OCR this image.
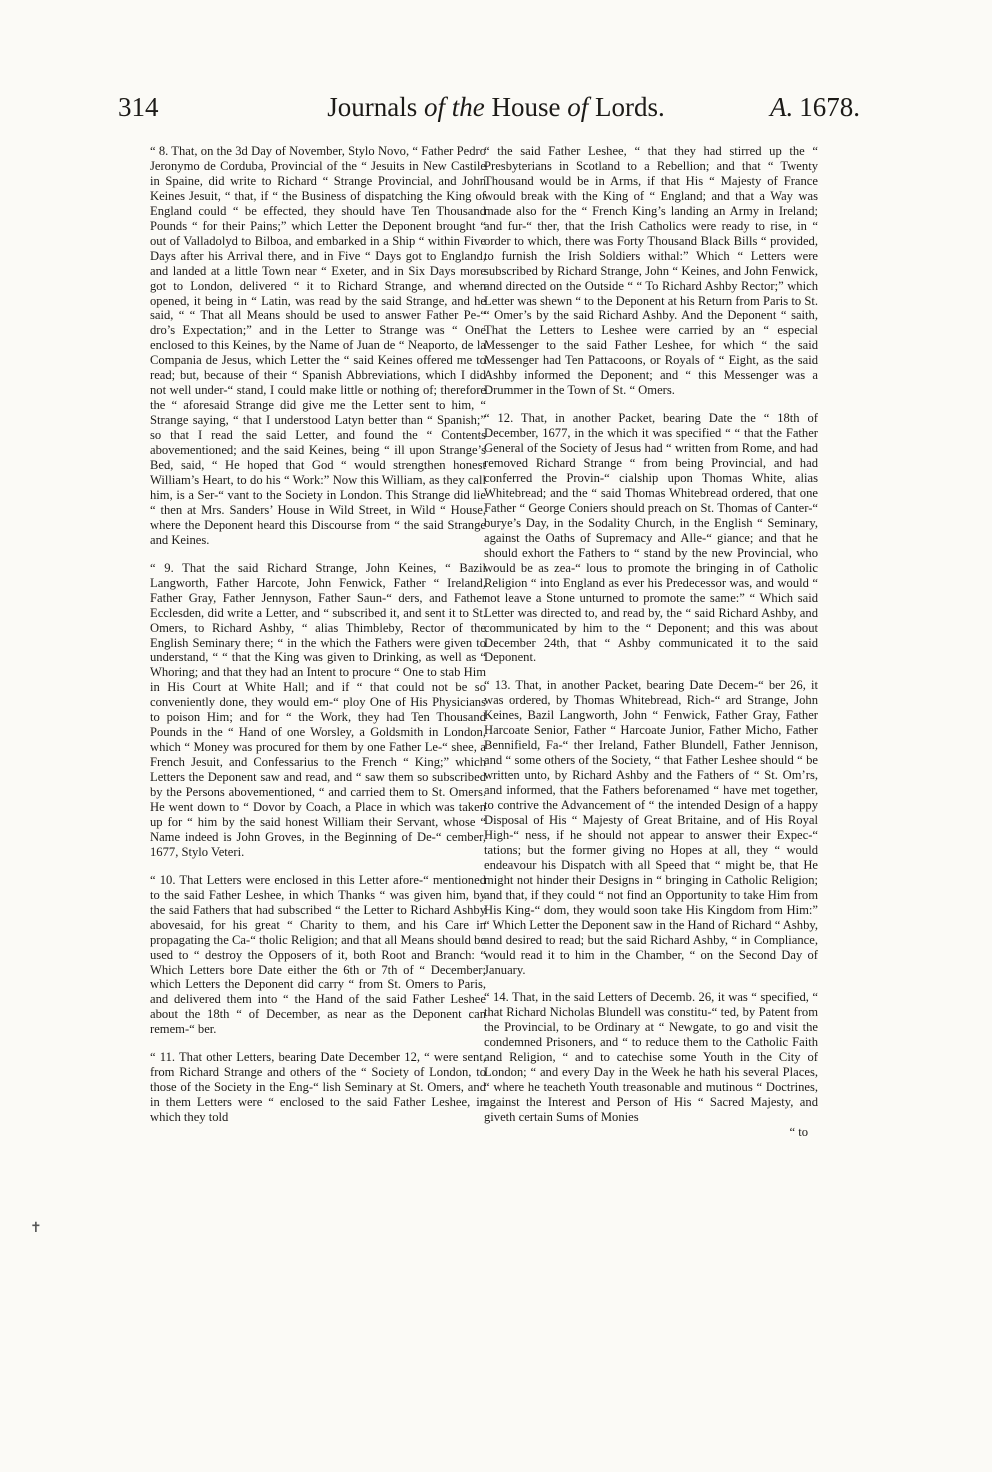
314	Journals of the House of Lords.	A. 1678.

“ 8. That, on the 3d Day of November, Stylo Novo, “ Father Pedro Jeronymo de Corduba, Provincial of the “ Jesuits in New Castile in Spaine, did write to Richard “ Strange Provincial, and John Keines Jesuit, “ that, if “ the Business of dispatching the King of England could “ be effected, they should have Ten Thousand Pounds “ for their Pains;” which Letter the Deponent brought “ out of Valladolyd to Bilboa, and embarked in a Ship “ within Five Days after his Arrival there, and in Five “ Days got to England, and landed at a little Town near “ Exeter, and in Six Days more got to London, delivered “ it to Richard Strange, and when opened, it being in “ Latin, was read by the said Strange, and he said, “ “ That all Means should be used to answer Father Pe-“ dro’s Expectation;” and in the Letter to Strange was “ One enclosed to this Keines, by the Name of Juan de “ Neaporto, de la Compania de Jesus, which Letter the “ said Keines offered me to read; but, because of their “ Spanish Abbreviations, which I did not well under-“ stand, I could make little or nothing of; therefore the “ aforesaid Strange did give me the Letter sent to him, “ Strange saying, “ that I understood Latyn better than “ Spanish;” so that I read the said Letter, and found the “ Contents abovementioned; and the said Keines, being “ ill upon Strange’s Bed, said, “ He hoped that God “ would strengthen honest William’s Heart, to do his “ Work:” Now this William, as they call him, is a Ser-“ vant to the Society in London. This Strange did lie “ then at Mrs. Sanders’ House in Wild Street, in Wild “ House, where the Deponent heard this Discourse from “ the said Strange and Keines.

“ 9. That the said Richard Strange, John Keines, “ Bazil Langworth, Father Harcote, John Fenwick, Father “ Ireland, Father Gray, Father Jennyson, Father Saun-“ ders, and Father Ecclesden, did write a Letter, and “ subscribed it, and sent it to St. Omers, to Richard Ashby, “ alias Thimbleby, Rector of the English Seminary there; “ in the which the Fathers were given to understand, “ “ that the King was given to Drinking, as well as “ Whoring; and that they had an Intent to procure “ One to stab Him in His Court at White Hall; and if “ that could not be so conveniently done, they would em-“ ploy One of His Physicians to poison Him; and for “ the Work, they had Ten Thousand Pounds in the “ Hand of one Worsley, a Goldsmith in London, which “ Money was procured for them by one Father Le-“ shee, a French Jesuit, and Confessarius to the French “ King;” which Letters the Deponent saw and read, and “ saw them so subscribed by the Persons abovementioned, “ and carried them to St. Omers. He went down to “ Dovor by Coach, a Place in which was taken up for “ him by the said honest William their Servant, whose “ Name indeed is John Groves, in the Beginning of De-“ cember, 1677, Stylo Veteri.

“ 10. That Letters were enclosed in this Letter afore-“ mentioned to the said Father Leshee, in which Thanks “ was given him, by the said Fathers that had subscribed “ the Letter to Richard Ashby abovesaid, for his great “ Charity to them, and his Care in propagating the Ca-“ tholic Religion; and that all Means should be used to “ destroy the Opposers of it, both Root and Branch: “ Which Letters bore Date either the 6th or 7th of “ December; which Letters the Deponent did carry “ from St. Omers to Paris, and delivered them into “ the Hand of the said Father Leshee about the 18th “ of December, as near as the Deponent can remem-“ ber.

“ 11. That other Letters, bearing Date December 12, “ were sent, from Richard Strange and others of the “ Society of London, to those of the Society in the Eng-“ lish Seminary at St. Omers, and in them Letters were “ enclosed to the said Father Leshee, in which they told

“ the said Father Leshee, “ that they had stirred up the “ Presbyterians in Scotland to a Rebellion; and that “ Twenty Thousand would be in Arms, if that His “ Majesty of France would break with the King of “ England; and that a Way was made also for the “ French King’s landing an Army in Ireland; and fur-“ ther, that the Irish Catholics were ready to rise, in “ order to which, there was Forty Thousand Black Bills “ provided, to furnish the Irish Soldiers withal:” Which “ Letters were subscribed by Richard Strange, John “ Keines, and John Fenwick, and directed on the Outside “ “ To Richard Ashby Rector;” which Letter was shewn “ to the Deponent at his Return from Paris to St. “ Omer’s by the said Richard Ashby. And the Deponent “ saith, That the Letters to Leshee were carried by an “ especial Messenger to the said Father Leshee, for which “ the said Messenger had Ten Pattacoons, or Royals of “ Eight, as the said Ashby informed the Deponent; and “ this Messenger was a Drummer in the Town of St. “ Omers.

“ 12. That, in another Packet, bearing Date the “ 18th of December, 1677, in the which it was specified “ “ that the Father General of the Society of Jesus had “ written from Rome, and had removed Richard Strange “ from being Provincial, and had conferred the Provin-“ cialship upon Thomas White, alias Whitebread; and the “ said Thomas Whitebread ordered, that one Father “ George Coniers should preach on St. Thomas of Canter-“ burye’s Day, in the Sodality Church, in the English “ Seminary, against the Oaths of Supremacy and Alle-“ giance; and that he should exhort the Fathers to “ stand by the new Provincial, who would be as zea-“ lous to promote the bringing in of Catholic Religion “ into England as ever his Predecessor was, and would “ not leave a Stone unturned to promote the same:” “ Which said Letter was directed to, and read by, the “ said Richard Ashby, and communicated by him to the “ Deponent; and this was about December 24th, that “ Ashby communicated it to the said Deponent.

“ 13. That, in another Packet, bearing Date Decem-“ ber 26, it was ordered, by Thomas Whitebread, Rich-“ ard Strange, John Keines, Bazil Langworth, John “ Fenwick, Father Gray, Father Harcoate Senior, Father “ Harcoate Junior, Father Micho, Father Bennifield, Fa-“ ther Ireland, Father Blundell, Father Jennison, and “ some others of the Society, “ that Father Leshee should “ be written unto, by Richard Ashby and the Fathers of “ St. Om’rs, and informed, that the Fathers beforenamed “ have met together, to contrive the Advancement of “ the intended Design of a happy Disposal of His “ Majesty of Great Britaine, and of His Royal High-“ ness, if he should not appear to answer their Expec-“ tations; but the former giving no Hopes at all, they “ would endeavour his Dispatch with all Speed that “ might be, that He might not hinder their Designs in “ bringing in Catholic Religion; and that, if they could “ not find an Opportunity to take Him from His King-“ dom, they would soon take His Kingdom from Him:” “ Which Letter the Deponent saw in the Hand of Richard “ Ashby, and desired to read; but the said Richard Ashby, “ in Compliance, would read it to him in the Chamber, “ on the Second Day of January.

“ 14. That, in the said Letters of Decemb. 26, it was “ specified, “ that Richard Nicholas Blundell was constitu-“ ted, by Patent from the Provincial, to be Ordinary at “ Newgate, to go and visit the condemned Prisoners, and “ to reduce them to the Catholic Faith and Religion, “ and to catechise some Youth in the City of London; “ and every Day in the Week he hath his several Places, “ where he teacheth Youth treasonable and mutinous “ Doctrines, against the Interest and Person of His “ Sacred Majesty, and giveth certain Sums of Monies

“ to

✝
